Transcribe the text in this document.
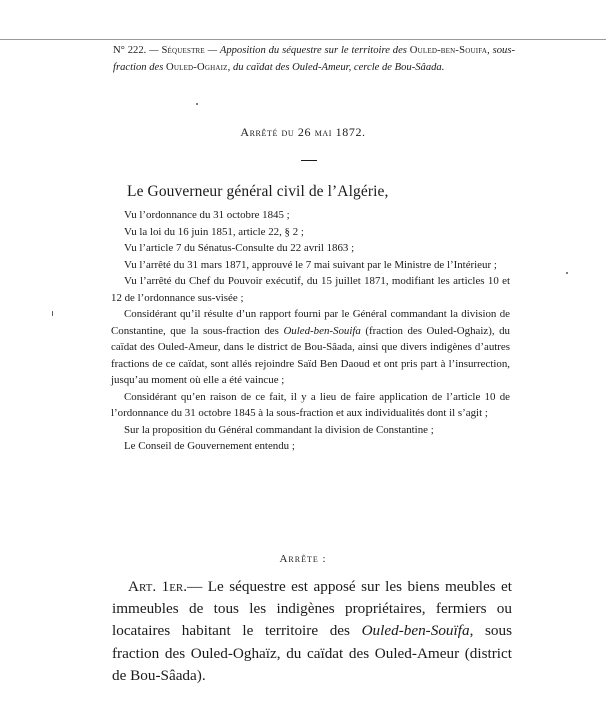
N° 222. — Séquestre — Apposition du séquestre sur le territoire des Ouled-ben-Souifa, sous-fraction des Ouled-Oghaiz, du caïdat des Ouled-Ameur, cercle de Bou-Sâada.
Arrêté du 26 mai 1872.
Le Gouverneur général civil de l’Algérie,

Vu l’ordonnance du 31 octobre 1845 ;

Vu la loi du 16 juin 1851, article 22, § 2 ;

Vu l’article 7 du Sénatus-Consulte du 22 avril 1863 ;

Vu l’arrêté du 31 mars 1871, approuvé le 7 mai suivant par le Ministre de l’Intérieur ;

Vu l’arrêté du Chef du Pouvoir exécutif, du 15 juillet 1871, modifiant les articles 10 et 12 de l’ordonnance sus-visée ;

Considérant qu’il résulte d’un rapport fourni par le Général commandant la division de Constantine, que la sous-fraction des Ouled-ben-Souifa (fraction des Ouled-Oghaiz), du caïdat des Ouled-Ameur, dans le district de Bou-Sâada, ainsi que divers indigènes d’autres fractions de ce caïdat, sont allés rejoindre Saïd Ben Daoud et ont pris part à l’insurrection, jusqu’au moment où elle a été vaincue ;

Considérant qu’en raison de ce fait, il y a lieu de faire application de l’article 10 de l’ordonnance du 31 octobre 1845 à la sous-fraction et aux individualités dont il s’agit ;

Sur la proposition du Général commandant la division de Constantine ;

Le Conseil de Gouvernement entendu ;

Arrête :
Art. 1er.— Le séquestre est apposé sur les biens meubles et immeubles de tous les indigènes propriétaires, fermiers ou locataires habitant le territoire des Ouled-ben-Souïfa, sous fraction des Ouled-Oghaïz, du caïdat des Ouled-Ameur (district de Bou-Sâada).
